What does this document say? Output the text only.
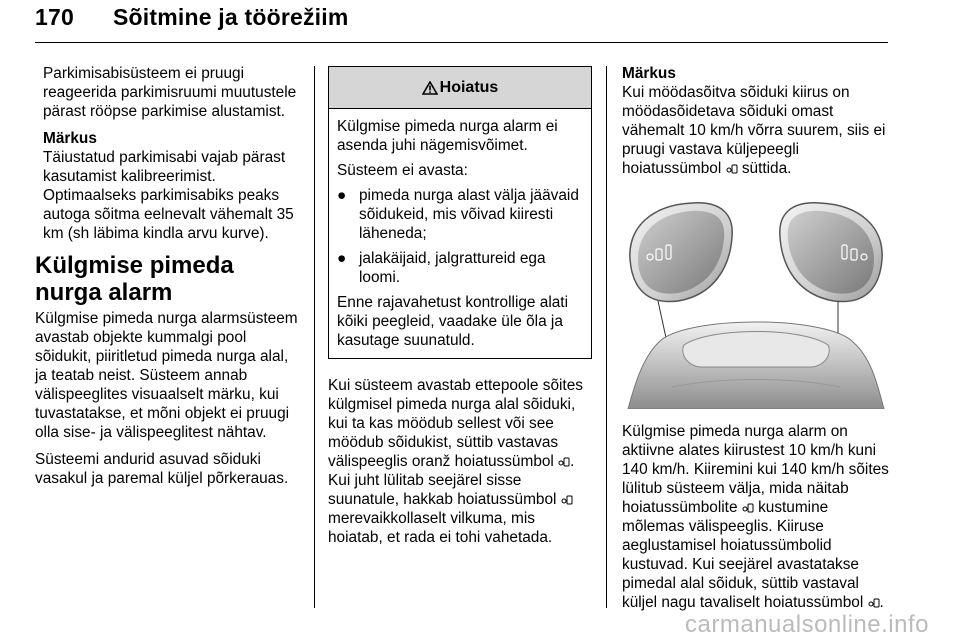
170 Sõitmine ja töörežiim

Parkimisabisüsteem ei pruugi reageerida parkimisruumi muutustele pärast rööpse parkimise alustamist.

Märkus

Täiustatud parkimisabi vajab pärast kasutamist kalibreerimist.

Optimaalseks parkimisabiks peaks autoga sõitma eelnevalt vähemalt 35 km (sh läbima kindla arvu kurve).

Külgmise pimeda nurga alarm

Külgmise pimeda nurga alarmsüsteem avastab objekte kummalgi pool sõidukit, piiritletud pimeda nurga alal, ja teatab neist. Süsteem annab välispeeglites visuaalselt märku, kui tuvastatakse, et mõni objekt ei pruugi olla sise- ja välispeeglitest nähtav.

Süsteemi andurid asuvad sõiduki vasakul ja paremal küljel põrkerauas.

Hoiatus

Külgmise pimeda nurga alarm ei asenda juhi nägemisvõimet.

Süsteem ei avasta:

● pimeda nurga alast välja jäävaid sõidukeid, mis võivad kiiresti läheneda;
● jalakäijaid, jalgrattureid ega loomi.

Enne rajavahetust kontrollige alati kõiki peegleid, vaadake üle õla ja kasutage suunatuld.

Kui süsteem avastab ettepoole sõites külgmisel pimeda nurga alal sõiduki, kui ta kas möödub sellest või see möödub sõidukist, süttib vastavas välispeeglis oranž hoiatussümbol . Kui juht lülitab seejärel sisse suunatule, hakkab hoiatussümbol  merevaikkollaselt vilkuma, mis hoiatab, et rada ei tohi vahetada.

Märkus

Kui möödasõitva sõiduki kiirus on möödasõidetava sõiduki omast vähemalt 10 km/h võrra suurem, siis ei pruugi vastava küljepeegli hoiatussümbol süttida.

Külgmise pimeda nurga alarm on aktiivne alates kiirustest 10 km/h kuni 140 km/h. Kiiremini kui 140 km/h sõites lülitub süsteem välja, mida näitab hoiatussümbolite kustumine mõlemas välispeeglis. Kiiruse aeglustamisel hoiatussümbolid kustuvad. Kui seejärel avastatakse pimedal alal sõiduk, süttib vastaval küljel nagu tavaliselt hoiatussümbol .

carmanualsonline.info
